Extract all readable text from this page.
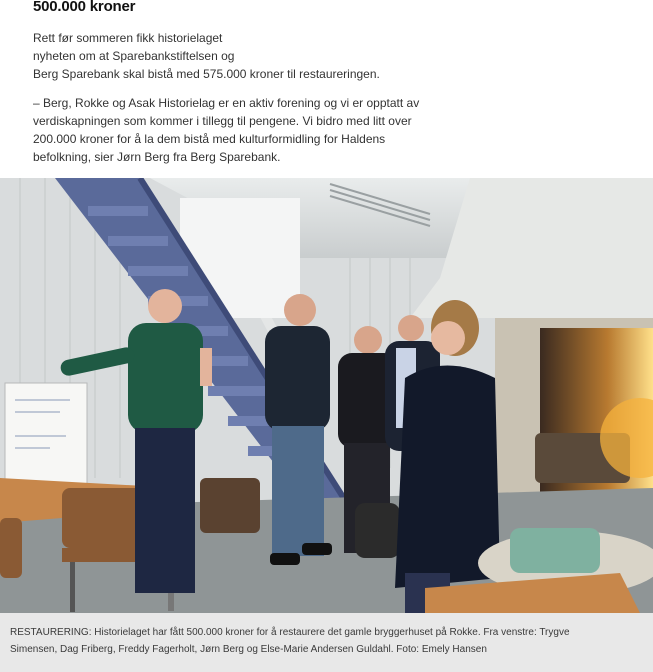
500.000 kroner

Rett før sommeren fikk historielaget
nyheten om at Sparebankstiftelsen og
Berg Sparebank skal bistå med 575.000 kroner til restaureringen.

– Berg, Rokke og Asak Historielag er en aktiv forening og vi er opptatt av
verdiskapningen som kommer i tillegg til pengene. Vi bidro med litt over
200.000 kroner for å la dem bistå med kulturformidling for Haldens
befolkning, sier Jørn Berg fra Berg Sparebank.

RESTAURERING: Historielaget har fått 500.000 kroner for å restaurere det gamle bryggerhuset på Rokke. Fra venstre: Trygve
Simensen, Dag Friberg, Freddy Fagerholt, Jørn Berg og Else-Marie Andersen Guldahl. Foto: Emely Hansen
